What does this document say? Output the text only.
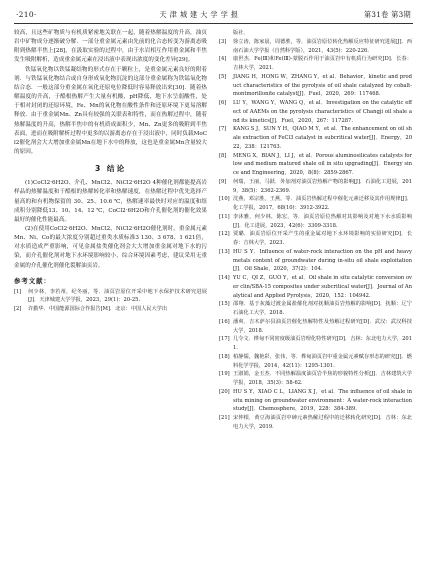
·210·	天津城建大学学报	第31卷 第3期

较高，且这些矿物质与有机质紧密地关联在一起，随着热解温度的升高，油页岩中矿物成分逐渐破分解．一部分重金属元素由先前的化合态转变为游离态吸附到热解半焦上[28]，在汲取实验的过程中，由于水岩相互作用重金属和半焦发生吸附解析，造成重金属元素在浸出液中表现出浓度的变化差异[29]。

铁锰氧化物以铁锰凝结物的形式存在于颗粒上，是重金属元素良好的附着剂．与铁锰氧化物结合或自身形成氧化物沉淀的这部分重金属称为铁锰氧化物结合态．一般这部分重金属在氧化还原电位降低时容易释放出来[30]．随着热解温度的升高，于酷根热解产生大量有机酸，pH降低，地下水呈弱酸性，处于相对封闭的还原环境，Fe、Mn的氧化物在酸性条件和还原环境下更易溶解释放．由于重金属Mn、Zn具有较强的关联表和特性，而在热解过程中，随着热解温度的升高，热解半焦中的有机质成面积少，Mn、Zn更多的吸附到半焦表面，进而在吸附解析过程中更多的以游离态存在于浸出液中，同时负载MoCl2催化剂会大大增加重金属Mn在地下水中的释放，这也是重金属Mn含量较大的原因。

3 结论

(1)CoCl2·6H2O、介孔、MnCl2、NiCl2·6H2O 4种催化剂都能提高岩样品的热解温度和干酷根的热解转化率和热解速度，在热解过程中优先选择产量高的和有机物保留的 30、25、10.6 ℃，热解速率最快时对应的温度和组成积分别降低13、10、14、12 ℃，CoCl2·6H2O和介孔催化剂的催化效果最好的催化性能最高。

(2)在使用CoCl2·6H2O、MnCl2、NiCl2·6H2O催化剂时，重金属元素Mn、Ni、Co的最大浓度分别超过重类水质标准3 130、3 678、1 621倍，对水质造成严重影响，可见金属盐类催化剂会大大增加重金属对地下水的污染，而介孔催化剂对地下水环境影响较小，综合环境因素考虑，建议采用无重金属的介孔催化剂催化裂解油页岩。

参考文献：
[1]	何少林，李若蒂，纪冬丽，等．油页岩原位开采中地下水保护技术研究进展[J]．天津城建大学学报，2023，29(1)：20-25.
[2]	许勤华．中国能源国际合作报告[M]．北京：中国人民大学出
版社．
[3]	徐立涛，陈家晨，周德胜，等．油页岩原位转化热解反应特征研究进展[J]．西南石油大学学报（自然科学版），2021，43(5)：220-226.
[4]	康世杰．Fe(Ⅲ)和Fe(Ⅲ)-蒙脱石作用于油页岩中有机质行为研究[D]．长春：吉林大学，2021.
[5]	JIANG H，HONG W，ZHANG Y，et al．Behavior，kinetic and product characteristics of the pyrolysis of oil shale catalyzed by cobalt-montmorillonite catalyst[J]．Fuel，2020，269：117468.
[6]	LU Y，WANG Y，WANG Q，et al．Investigation on the catalytic effect of AAEMs on the pyrolysis characteristics of Changji oil shale and its kinetics[J]．Fuel，2020，267：117287.
[7]	KANG S J，SUN Y H，QIAO M Y，et al．The enhancement on oil shale extraction of FeCl3 catalyst in subcritical water[J]．Energy，2022，238：121763.
[8]	MENG X，BIAN J，LI J，et al．Porous aluminosilicates catalysts for low and medium matured shale oil in situ upgrading[J]．Energy since and Engineering，2020，8(8)：2859-2867.
[9]	何瑞，王丽，马跃．外加剂对油页岩热解产物的影响[J]．石油化工进展，2019，38(5)：2362-2369.
[10] 沈燕，邓宗胜，王燕，等．油页岩热解过程中催化元素迁移及其作用规律[J]．化工学报，2017，68(10)：3912-3922.
[11] 李沐雅，何少林，陈宏，等．油页岩原位热解对其影响及对地下水水质影响[J]．化工进展，2023，42(6)：3309-3318.
[12] 贾璐．油页岩原位开采产生的重金属对地下水环境影响的实验研究[D]．长春：吉林大学，2023.
[13] HU S Y．Influence of water-rock interaction on the pH and heavy metals content of groundwater during in-situ oil shale exploitation[J]．Oil Shale，2020，37(2)：104.
[14] YU C，QI Z，GUO Y，et al．Oil shale in situ catalytic conversion over clin/SBA-15 composites under subcritical water[J]．Journal of Analytical and Applied Pyrolysis，2020，152：104942.
[15] 邵翔．基于灰藻过渡金属盐催化剂对抚顺油页岩热解的影响[D]．抚顺：辽宁石油化工大学，2018.
[16] 潘爽．吉木萨尔县油页岩催化热解特性及热解过程研究[D]．武汉：武汉科技大学，2018.
[17] 几令文．桦甸不同密度级油页岩理化特性研究[D]．吉林：东北电力大学，2011.
[18] 柏静儒，魏艳彩，张伟，等．桦甸油页岩中重金属元素赋存形态的研究[J]．燃料化学学报，2014，42(11)：1295-1301.
[19] 王淑娟，金玉杰．不同热解温度油页岩半焦的形貌特性分析[J]．吉林建筑大学学报，2018，35(3)：58-62.
[20] HU S Y，XIAO C L，LIANG X J，et al．The influence of oil shale in situ mining on groundwater environment：A water-rock interaction study[J]．Chemosphere，2019，228：384-389.
[21] 宋仲根．黄豆海油页岩中砷元素热解过程中的迁移转化研究[D]．吉林：东北电力大学，2019.
